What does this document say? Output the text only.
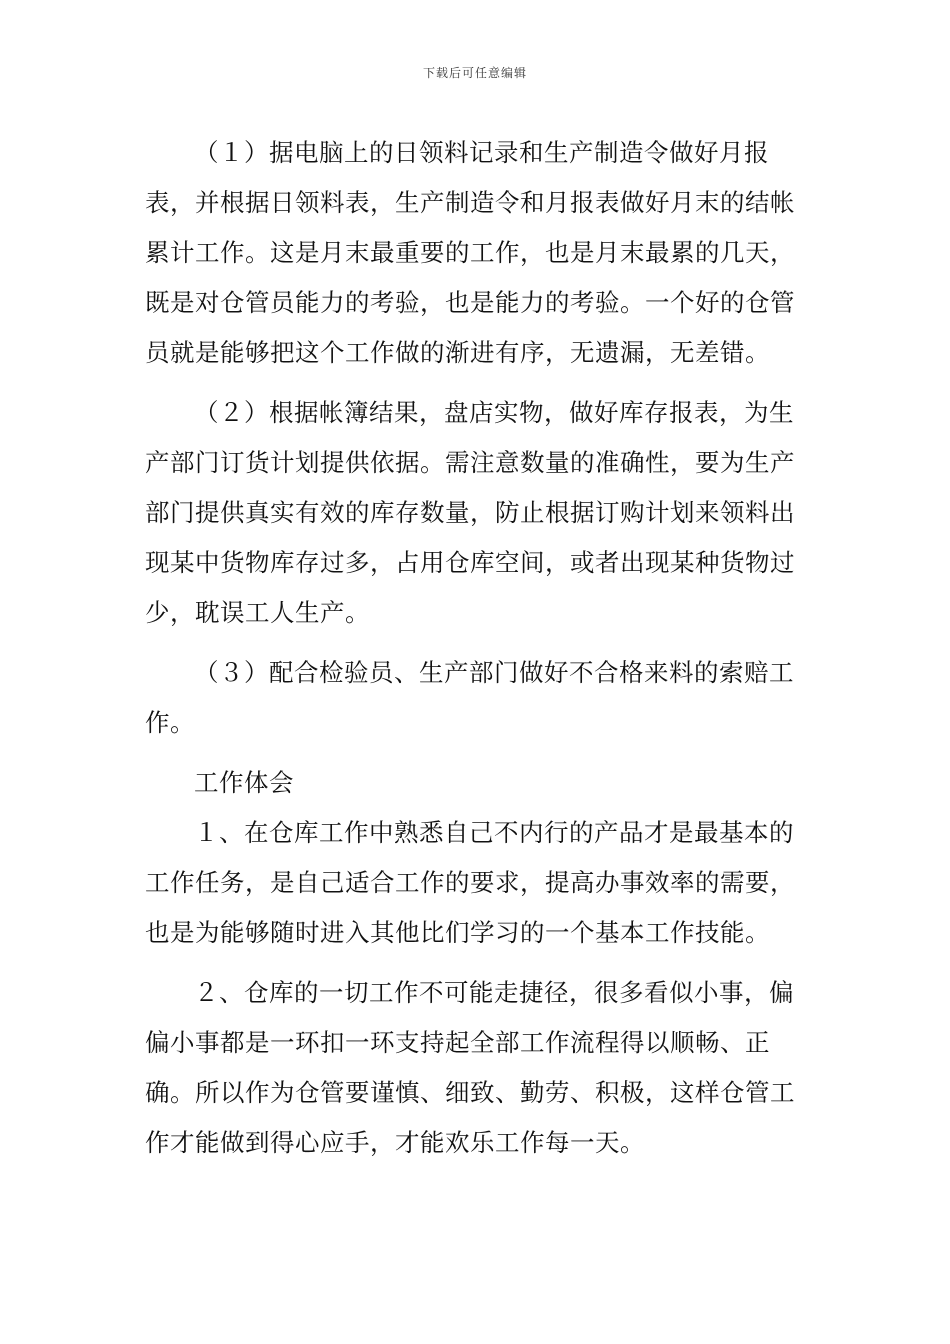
下载后可任意编辑

（１）据电脑上的日领料记录和生产制造令做好月报表，并根据日领料表，生产制造令和月报表做好月末的结帐累计工作。这是月末最重要的工作，也是月末最累的几天，既是对仓管员能力的考验，也是能力的考验。一个好的仓管员就是能够把这个工作做的渐进有序，无遗漏，无差错。

（２）根据帐簿结果，盘店实物，做好库存报表，为生产部门订货计划提供依据。需注意数量的准确性，要为生产部门提供真实有效的库存数量，防止根据订购计划来领料出现某中货物库存过多，占用仓库空间，或者出现某种货物过少，耽误工人生产。

（３）配合检验员、生产部门做好不合格来料的索赔工作。

工作体会

１、在仓库工作中熟悉自己不内行的产品才是最基本的工作任务，是自己适合工作的要求，提高办事效率的需要，也是为能够随时进入其他比们学习的一个基本工作技能。

２、仓库的一切工作不可能走捷径，很多看似小事，偏偏小事都是一环扣一环支持起全部工作流程得以顺畅、正确。所以作为仓管要谨慎、细致、勤劳、积极，这样仓管工作才能做到得心应手，才能欢乐工作每一天。
